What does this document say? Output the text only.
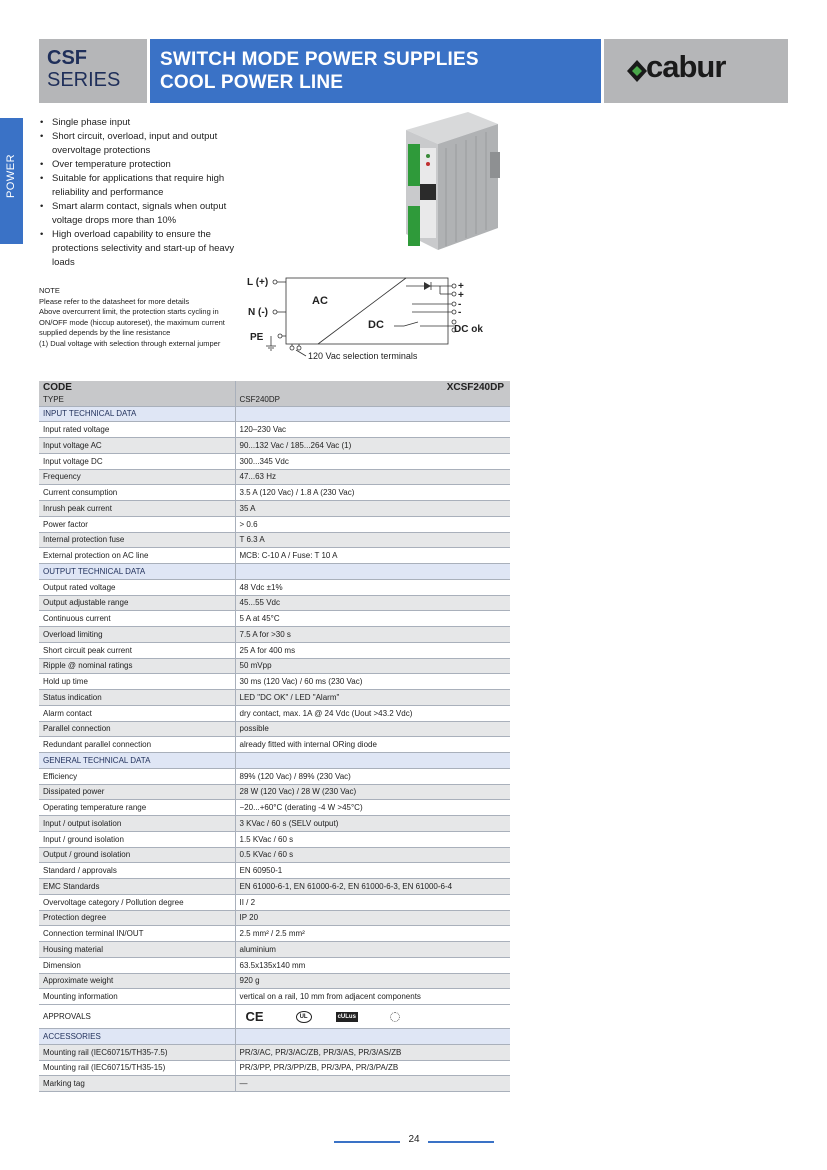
CSF
SERIES
SWITCH MODE POWER SUPPLIES
COOL POWER LINE	cabur
POWER
• Single phase input
• Short circuit, overload, input and output overvoltage protections
• Over temperature protection
• Suitable for applications that require high reliability and performance
• Smart alarm contact, signals when output voltage drops more than 10%
• High overload capability to ensure the protections selectivity and start-up of heavy loads
NOTE
Please refer to the datasheet for more details
Above overcurrent limit, the protection starts cycling in ON/OFF mode (hiccup autoreset), the maximum current supplied depends by the line resistance
(1) Dual voltage with selection through external jumper
L (+)
N (-)
PE
AC
DC
+
+
-
-
DC ok
120 Vac selection terminals
CODE	XCSF240DP

TYPE	CSF240DP
INPUT TECHNICAL DATA	
Input rated voltage	120–230 Vac
Input voltage AC	90...132 Vac / 185...264 Vac (1)
Input voltage DC	300...345 Vdc
Frequency	47...63 Hz
Current consumption	3.5 A (120 Vac) / 1.8 A (230 Vac)
Inrush peak current	35 A
Power factor	> 0.6
Internal protection fuse	T 6.3 A
External protection on AC line	MCB: C-10 A / Fuse: T 10 A
OUTPUT TECHNICAL DATA	
Output rated voltage	48 Vdc ±1%
Output adjustable range	45...55 Vdc
Continuous current	5 A at 45°C
Overload limiting	7.5 A for >30 s
Short circuit peak current	25 A for 400 ms
Ripple @ nominal ratings	50 mVpp
Hold up time	30 ms (120 Vac) / 60 ms (230 Vac)
Status indication	LED "DC OK" / LED "Alarm"
Alarm contact	dry contact, max. 1A @ 24 Vdc (Uout >43.2 Vdc)
Parallel connection	possible
Redundant parallel connection	already fitted with internal ORing diode
GENERAL TECHNICAL DATA	
Efficiency	89% (120 Vac) / 89% (230 Vac)
Dissipated power	28 W (120 Vac) / 28 W (230 Vac)
Operating temperature range	−20...+60°C (derating -4 W >45°C)
Input / output isolation	3 KVac / 60 s (SELV output)
Input / ground isolation	1.5 KVac / 60 s
Output / ground isolation	0.5 KVac / 60 s
Standard / approvals	EN 60950-1
EMC Standards	EN 61000-6-1, EN 61000-6-2, EN 61000-6-3, EN 61000-6-4
Overvoltage category / Pollution degree	II / 2
Protection degree	IP 20
Connection terminal IN/OUT	2.5 mm² / 2.5 mm²
Housing material	aluminium
Dimension	63.5x135x140 mm
Approximate weight	920 g
Mounting information	vertical on a rail, 10 mm from adjacent components
APPROVALS	CE UL cULus
ACCESSORIES	
Mounting rail (IEC60715/TH35-7.5)	PR/3/AC, PR/3/AC/ZB, PR/3/AS, PR/3/AS/ZB
Mounting rail (IEC60715/TH35-15)	PR/3/PP, PR/3/PP/ZB, PR/3/PA, PR/3/PA/ZB
Marking tag	—
24
